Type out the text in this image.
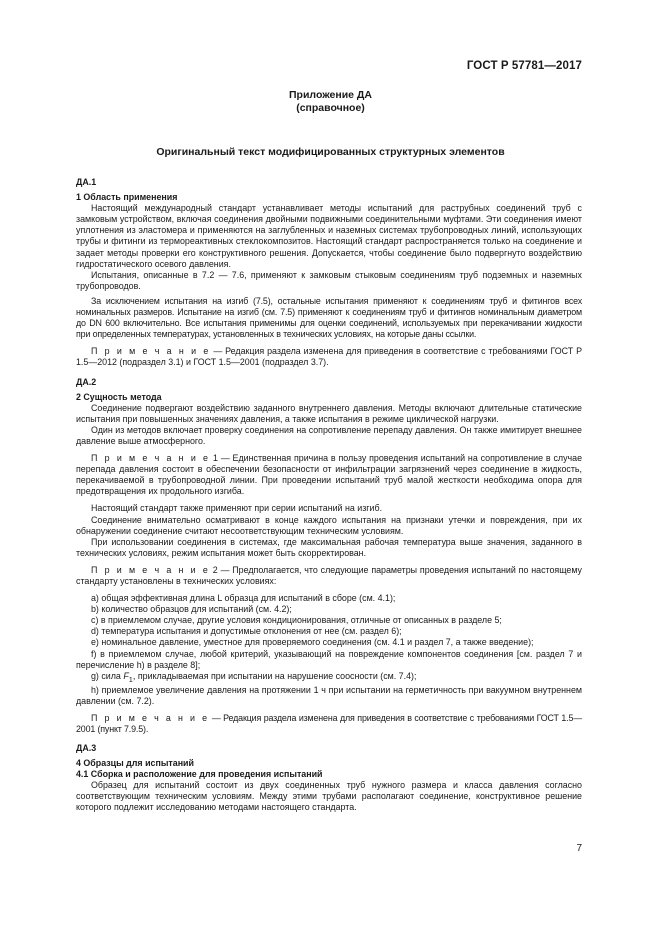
ГОСТ Р 57781—2017
Приложение ДА
(справочное)
Оригинальный текст модифицированных структурных элементов

ДА.1

1 Область применения

Настоящий международный стандарт устанавливает методы испытаний для раструбных соединений труб с замковым устройством, включая соединения двойными подвижными соединительными муфтами. Эти соединения имеют уплотнения из эластомера и применяются на заглубленных и наземных системах трубопроводных линий, использующих трубы и фитинги из термореактивных стеклокомпозитов. Настоящий стандарт распространяется только на соединение и задает методы проверки его конструктивного решения. Допускается, чтобы соединение было подвергнуто воздействию гидростатического осевого давления.

Испытания, описанные в 7.2 — 7.6, применяют к замковым стыковым соединениям труб подземных и наземных трубопроводов.

За исключением испытания на изгиб (7.5), остальные испытания применяют к соединениям труб и фитингов всех номинальных размеров. Испытание на изгиб (см. 7.5) применяют к соединениям труб и фитингов номинальным диаметром до DN 600 включительно. Все испытания применимы для оценки соединений, используемых при перекачивании жидкости при определенных температурах, установленных в технических условиях, на которые даны ссылки.

П р и м е ч а н и е — Редакция раздела изменена для приведения в соответствие с требованиями ГОСТ Р 1.5—2012 (подраздел 3.1) и ГОСТ 1.5—2001 (подраздел 3.7).

ДА.2

2 Сущность метода

Соединение подвергают воздействию заданного внутреннего давления. Методы включают длительные статические испытания при повышенных значениях давления, а также испытания в режиме циклической нагрузки.

Один из методов включает проверку соединения на сопротивление перепаду давления. Он также имитирует внешнее давление выше атмосферного.

П р и м е ч а н и е 1 — Единственная причина в пользу проведения испытаний на сопротивление в случае перепада давления состоит в обеспечении безопасности от инфильтрации загрязнений через соединение в жидкость, перекачиваемой в трубопроводной линии. При проведении испытаний труб малой жесткости необходима опора для предотвращения их продольного изгиба.

Настоящий стандарт также применяют при серии испытаний на изгиб.

Соединение внимательно осматривают в конце каждого испытания на признаки утечки и повреждения, при их обнаружении соединение считают несоответствующим техническим условиям.

При использовании соединения в системах, где максимальная рабочая температура выше значения, заданного в технических условиях, режим испытания может быть скорректирован.

П р и м е ч а н и е 2 — Предполагается, что следующие параметры проведения испытаний по настоящему стандарту установлены в технических условиях:

a) общая эффективная длина L образца для испытаний в сборе (см. 4.1);

b) количество образцов для испытаний (см. 4.2);

c) в приемлемом случае, другие условия кондиционирования, отличные от описанных в разделе 5;

d) температура испытания и допустимые отклонения от нее (см. раздел 6);

e) номинальное давление, уместное для проверяемого соединения (см. 4.1 и раздел 7, а также введение);

f) в приемлемом случае, любой критерий, указывающий на повреждение компонентов соединения [см. раздел 7 и перечисление h) в разделе 8];

g) сила $F_1$, прикладываемая при испытании на нарушение соосности (см. 7.4);

h) приемлемое увеличение давления на протяжении 1 ч при испытании на герметичность при вакуумном внутреннем давлении (см. 7.2).

П р и м е ч а н и е — Редакция раздела изменена для приведения в соответствие с требованиями ГОСТ 1.5—2001 (пункт 7.9.5).

ДА.3

4 Образцы для испытаний

4.1 Сборка и расположение для проведения испытаний

Образец для испытаний состоит из двух соединенных труб нужного размера и класса давления согласно соответствующим техническим условиям. Между этими трубами располагают соединение, конструктивное решение которого подлежит исследованию методами настоящего стандарта.

7
